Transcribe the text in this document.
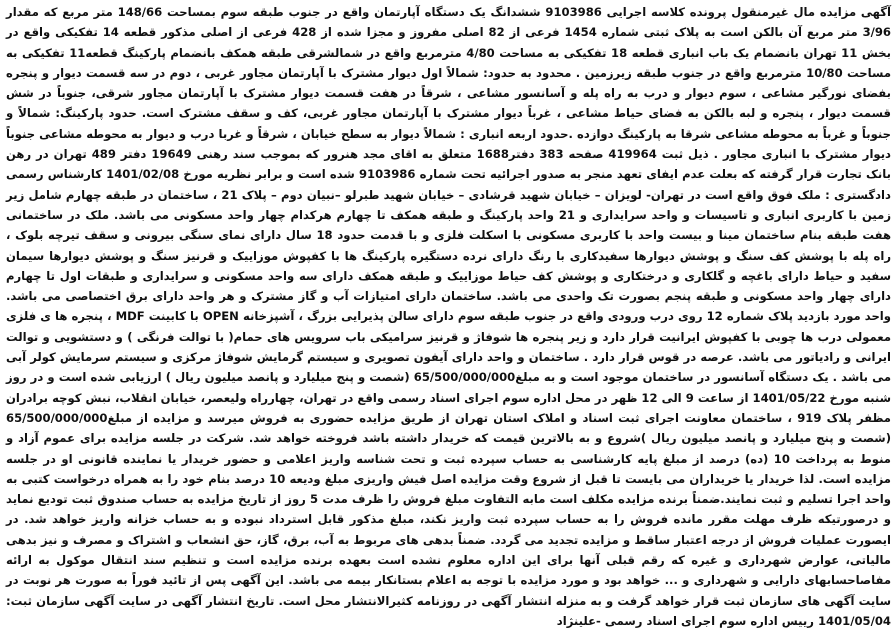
آگهی مزایده مال غیرمنقول پرونده کلاسه اجرایی 9103986 ششدانگ یک دستگاه آپارتمان واقع در جنوب طبقه سوم بمساحت 148/66 متر مربع که مقدار 3/96 متر مربع آن بالکن است به پلاک ثبتی شماره 1454 فرعی از 82 اصلی مفروز و مجزا شده از 428 فرعی از اصلی مذکور قطعه 14 تفکیکی واقع در بخش 11 تهران بانضمام یک باب انباری قطعه 18 تفکیکی به مساحت 4/80 مترمربع واقع در شمالشرقی طبقه همکف بانضمام پارکینگ قطعه11 تفکیکی به مساحت 10/80 مترمربع واقع در جنوب طبقه زیرزمین . محدود به حدود: شمالاً اول دیوار مشترک با آپارتمان مجاور غربی ، دوم در سه قسمت دیوار و پنجره بفضای نورگیر مشاعی ، سوم دیوار و درب به راه پله و آسانسور مشاعی ، شرقاً در هفت قسمت دیوار مشترک با آپارتمان مجاور شرقی، جنوباً در شش قسمت دیوار ، پنجره و لبه بالکن به فضای حیاط مشاعی ، غرباً دیوار مشترک با آپارتمان مجاور غربی، کف و سقف مشترک است. حدود پارکینگ: شمالاً و جنوباً و غرباً به محوطه مشاعی شرقا به پارکینگ دوازده .حدود اربعه انباری : شمالاً دیوار به سطح خیابان ، شرقاً و غربا درب و دیوار به محوطه مشاعی جنوباً دیوار مشترک با انباری مجاور . ذیل ثبت 419964 صفحه 383 دفتر1688 متعلق به اقای مجد هنرور که بموجب سند رهنی 19649 دفتر 489 تهران در رهن بانک تجارت قرار گرفته که بعلت عدم ایفای تعهد منجر به صدور اجرائیه تحت شماره 9103986 شده است و برابر نظریه مورخ 1401/02/08 کارشناس رسمی دادگستری : ملک فوق واقع است در تهران- لویزان – خیابان شهید قرشادی – خیابان شهید طبرلو –نبیان دوم – پلاک 21 ، ساختمان در طبقه چهارم شامل زیر زمین با کاربری انباری و تاسیسات و واحد سرایداری و 21 واحد پارکینگ و طبقه همکف تا چهارم هرکدام چهار واحد مسکونی می باشد. ملک در ساختمانی هفت طبقه بنام ساختمان مینا و بیست واحد با کاربری مسکونی با اسکلت فلزی و با قدمت حدود 18 سال دارای نمای سنگی بیرونی و سقف تیرچه بلوک ، راه پله با پوشش کف سنگ و پوشش دیوارها سفیدکاری با رنگ دارای نرده دستگیره پارکینگ ها با کفپوش موزاییک و قرنیز سنگ و پوشش دیوارها سیمان سفید و حیاط دارای باغچه و گلکاری و درختکاری و پوشش کف حیاط موزاییک و طبقه همکف دارای سه واحد مسکونی و سرایداری و طبقات اول تا چهارم دارای چهار واحد مسکونی و طبقه پنجم بصورت تک واحدی می باشد. ساختمان دارای امتیازات آب و گاز مشترک و هر واحد دارای برق اختصاصی می باشد. واحد مورد بازدید پلاک شماره 12 روی درب ورودی واقع در جنوب طبقه سوم دارای سالن پذیرایی بزرگ ، آشپزخانه OPEN با کابینت MDF ، پنجره ها ی فلزی معمولی درب ها چوبی با کفپوش ایرانیت قرار دارد و زیر پنجره ها شوفاژ و قرنیز سرامیکی باب سرویس های حمام( با توالت فرنگی ) و دستشویی و توالت ایرانی و رادیاتور می باشد. عرصه در قوس قرار دارد . ساختمان و واحد دارای آیفون تصویری و سیستم گرمایش شوفاژ مرکزی و سیستم سرمایش کولر آبی می باشد . یک دستگاه آسانسور در ساختمان موجود است و به مبلغ65/500/000/000 (شصت و پنج میلیارد و پانصد میلیون ریال ) ارزیابی شده است و در روز شنبه مورخ 1401/05/22 از ساعت 9 الی 12 ظهر در محل اداره سوم اجرای اسناد رسمی واقع در تهران، چهارراه ولیعصر، خیابان انقلاب، نبش کوچه برادران مظفر پلاک 919 ، ساختمان معاونت اجرای ثبت اسناد و املاک استان تهران از طریق مزایده حضوری به فروش میرسد و مزایده از مبلغ65/500/000/000 (شصت و پنج میلیارد و پانصد میلیون ریال )شروع و به بالاترین قیمت که خریدار داشته باشد فروخته خواهد شد. شرکت در جلسه مزایده برای عموم آزاد و منوط به پرداخت 10 (ده) درصد از مبلغ پایه کارشناسی به حساب سپرده ثبت و تحت شناسه واریز اعلامی و حضور خریدار یا نماینده قانونی او در جلسه مزایده است. لذا خریدار یا خریداران می بایست تا قبل از شروع وقت مزایده اصل فیش واریزی مبلغ ودیعه 10 درصد بنام خود را به همراه درخواست کتبی به واحد اجرا تسلیم و ثبت نمایند.ضمناً برنده مزایده مکلف است مابه التفاوت مبلغ فروش را ظرف مدت 5 روز از تاریخ مزایده به حساب صندوق ثبت تودیع نماید و درصورتیکه ظرف مهلت مقرر مانده فروش را به حساب سپرده ثبت واریز نکند، مبلغ مذکور قابل استرداد نبوده و به حساب خزانه واریز خواهد شد. در ایصورت عملیات فروش از درجه اعتبار ساقط و مزایده تجدید می گردد. ضمناً بدهی های مربوط به آب، برق، گاز، حق انشعاب و اشتراک و مصرف و نیز بدهی مالیاتی، عوارض شهرداری و غیره که رقم قبلی آنها برای این اداره معلوم نشده است بعهده برنده مزایده است و تنظیم سند انتقال موکول به ارائه مفاصاحسابهای دارایی و شهرداری و ... خواهد بود و مورد مزایده با توجه به اعلام بستانکار بیمه می باشد. این آگهی پس از تائید فوراً به صورت هر نوبت در سایت آگهی های سازمان ثبت قرار خواهد گرفت و به منزله انتشار آگهی در روزنامه کثیرالانتشار محل است. تاریخ انتشار آگهی در سایت آگهی سازمان ثبت: 1401/05/04 رییس اداره سوم اجرای اسناد رسمی -علینژاد
